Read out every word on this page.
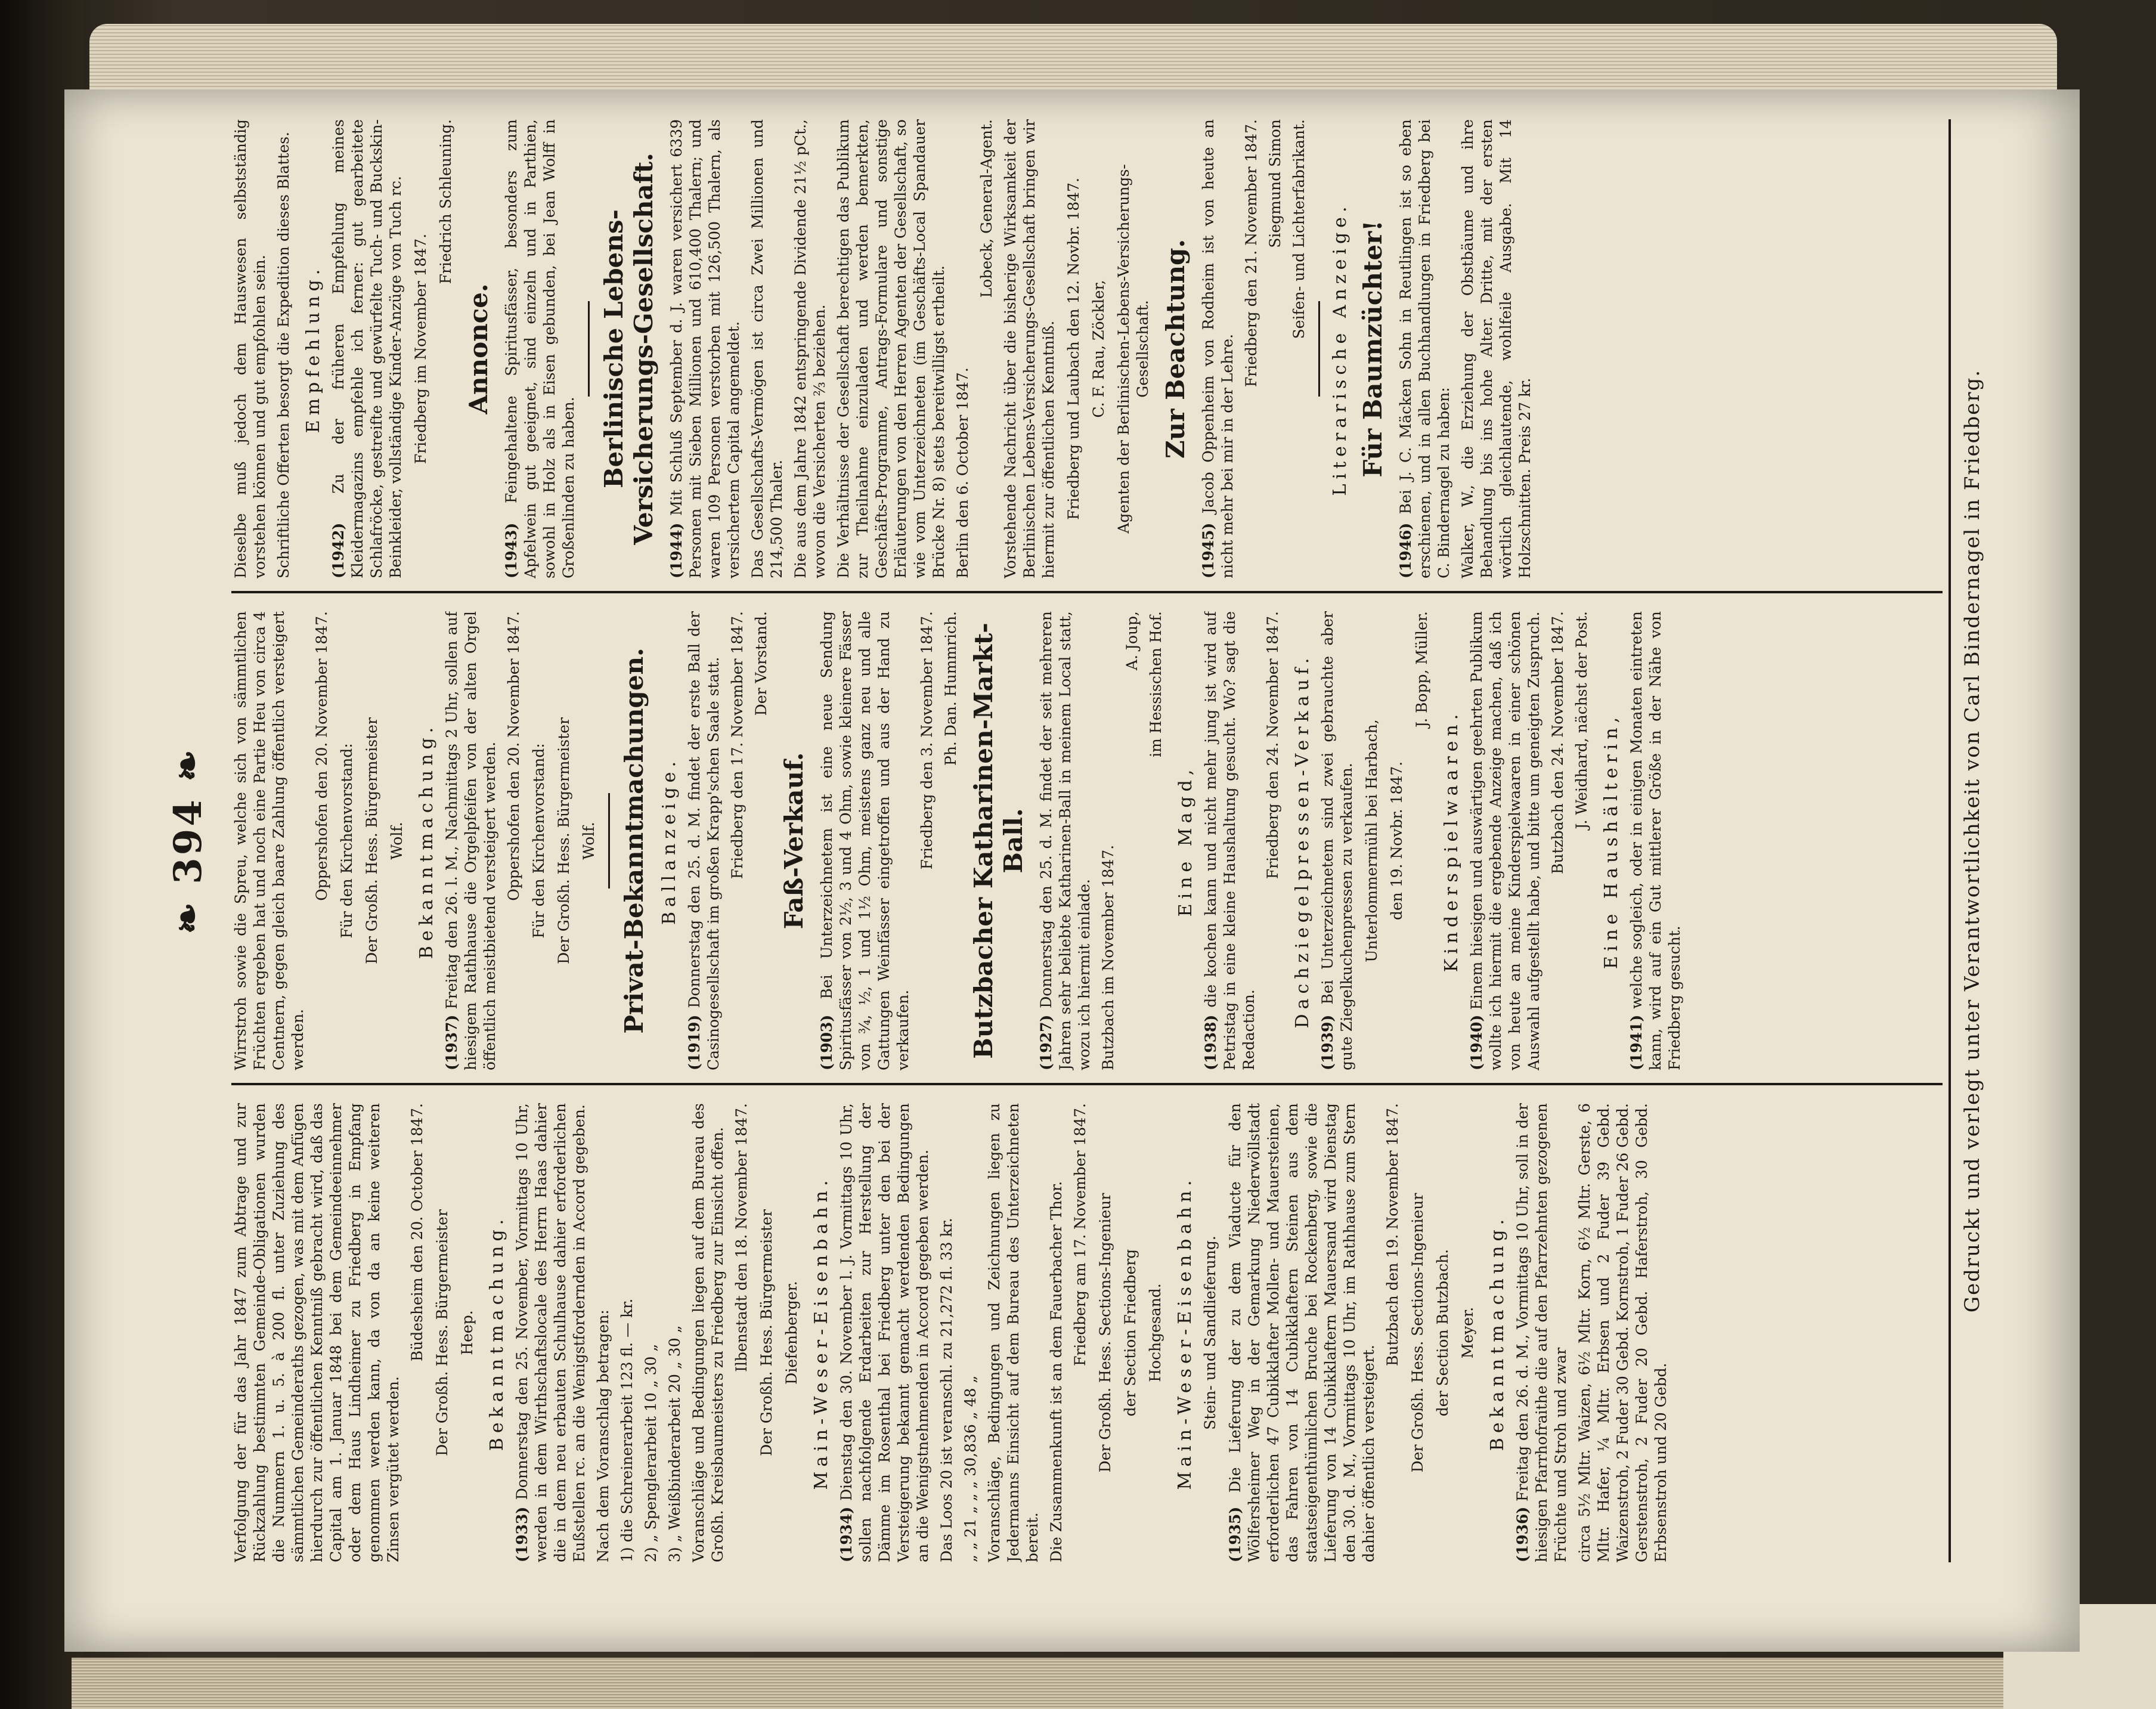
❧ 394 ❧

Verfolgung der für das Jahr 1847 zum Abtrage und zur Rückzahlung bestimmten Gemeinde-Obligationen wurden die Nummern 1. u. 5. à 200 fl. unter Zuziehung des sämmtlichen Gemeinderaths gezogen, was mit dem Anfügen hierdurch zur öffentlichen Kenntniß gebracht wird, daß das Capital am 1. Januar 1848 bei dem Gemeindeeinnehmer oder dem Haus Lindheimer zu Friedberg in Empfang genommen werden kann, da von da an keine weiteren Zinsen vergütet werden.

Büdesheim den 20. October 1847. Der Großh. Hess. Bürgermeister Heep. Bekanntmachung.

(1933) Donnerstag den 25. November, Vormittags 10 Uhr, werden in dem Wirthschaftslocale des Herrn Haas dahier die in dem neu erbauten Schulhause dahier erforderlichen Eußstellen rc. an die Wenigstfordernden in Accord gegeben. Nach dem Voranschlag betragen: 1) die Schreinerarbeit 123 fl. — kr. 2) „ Spenglerarbeit 10 „ 30 „ 3) „ Weißbinderarbeit 20 „ 30 „ Voranschläge und Bedingungen liegen auf dem Bureau des Großh. Kreisbaumeisters zu Friedberg zur Einsicht offen. Ilbenstadt den 18. November 1847. Der Großh. Hess. Bürgermeister Diefenberger. Main-Weser-Eisenbahn.

(1934) Dienstag den 30. November l. J. Vormittags 10 Uhr, sollen nachfolgende Erdarbeiten zur Herstellung der Dämme im Rosenthal bei Friedberg unter den bei der Versteigerung bekannt gemacht werdenden Bedingungen an die Wenigstnehmenden in Accord gegeben werden. Das Loos 20 ist veranschl. zu 21,272 fl. 33 kr. „ „ 21 „ „ „ 30,836 „ 48 „ Voranschläge, Bedingungen und Zeichnungen liegen zu Jedermanns Einsicht auf dem Bureau des Unterzeichneten bereit. Die Zusammenkunft ist an dem Fauerbacher Thor. Friedberg am 17. November 1847. Der Großh. Hess. Sections-Ingenieur der Section Friedberg Hochgesand. Main-Weser-Eisenbahn. Stein- und Sandlieferung.

(1935) Die Lieferung der zu dem Viaducte für den Wölfersheimer Weg in der Gemarkung Niederwöllstadt erforderlichen 47 Cubikklafter Mollen- und Mauersteinen, das Fahren von 14 Cubikklaftern Steinen aus dem staatseigenthümlichen Bruche bei Rockenberg, sowie die Lieferung von 14 Cubikklaftern Mauersand wird Dienstag den 30. d. M., Vormittags 10 Uhr, im Rathhause zum Stern dahier öffentlich versteigert.

Butzbach den 19. November 1847. Der Großh. Hess. Sections-Ingenieur der Section Butzbach. Meyer. Bekanntmachung.

(1936) Freitag den 26. d. M., Vormittags 10 Uhr, soll in der hiesigen Pfarrhofraithe die auf den Pfarrzehnten gezogenen Früchte und Stroh und zwar circa 5½ Mltr. Waizen, 6½ Mltr. Korn, 6½ Mltr. Gerste, 6 Mltr. Hafer, ¼ Mltr. Erbsen und 2 Fuder 39 Gebd. Waizenstroh, 2 Fuder 30 Gebd. Kornstroh, 1 Fuder 26 Gebd. Gerstenstroh, 2 Fuder 20 Gebd. Haferstroh, 30 Gebd. Erbsenstroh und 20 Gebd.

Wirrstroh sowie die Spreu, welche sich von sämmtlichen Früchten ergeben hat und noch eine Partie Heu von circa 4 Centnern, gegen gleich baare Zahlung öffentlich versteigert werden.

Oppershofen den 20. November 1847. Für den Kirchenvorstand: Der Großh. Hess. Bürgermeister Wolf. Bekanntmachung.

(1937) Freitag den 26. l. M., Nachmittags 2 Uhr, sollen auf hiesigem Rathhause die Orgelpfeifen von der alten Orgel öffentlich meistbietend versteigert werden. Oppershofen den 20. November 1847. Für den Kirchenvorstand: Der Großh. Hess. Bürgermeister Wolf. Privat-Bekanntmachungen. Ballanzeige.

(1919) Donnerstag den 25. d. M. findet der erste Ball der Casinogesellschaft im großen Krapp'schen Saale statt. Friedberg den 17. November 1847. Der Vorstand.

Faß-Verkauf.

(1903) Bei Unterzeichnetem ist eine neue Sendung Spiritusfässer von 2½, 3 und 4 Ohm, sowie kleinere Fässer von ¾, ½, 1 und 1½ Ohm, meistens ganz neu und alle Gattungen Weinfässer eingetroffen und aus der Hand zu verkaufen.

Friedberg den 3. November 1847. Ph. Dan. Hummrich. Butzbacher Katharinen-Markt-Ball.

(1927) Donnerstag den 25. d. M. findet der seit mehreren Jahren sehr beliebte Katharinen-Ball in meinem Local statt, wozu ich hiermit einlade. Butzbach im November 1847.

A. Joup, im Hessischen Hof.

Eine Magd,

(1938) die kochen kann und nicht mehr jung ist wird auf Petristag in eine kleine Haushaltung gesucht. Wo? sagt die Redaction.

Friedberg den 24. November 1847. Dachziegelpressen-Verkauf.

(1939) Bei Unterzeichnetem sind zwei gebrauchte aber gute Ziegelkuchenpressen zu verkaufen. Unterlommermühl bei Harbach, den 19. Novbr. 1847.

J. Bopp, Müller.

Kinderspielwaaren.

(1940) Einem hiesigen und auswärtigen geehrten Publikum wollte ich hiermit die ergebende Anzeige machen, daß ich von heute an meine Kinderspielwaaren in einer schönen Auswahl aufgestellt habe, und bitte um geneigten Zuspruch. Butzbach den 24. November 1847. J. Weidhard, nächst der Post. Eine Haushälterin,

(1941) welche sogleich, oder in einigen Monaten eintreten kann, wird auf ein Gut mittlerer Größe in der Nähe von Friedberg gesucht.

Dieselbe muß jedoch dem Hauswesen selbstständig vorstehen können und gut empfohlen sein. Schriftliche Offerten besorgt die Expedition dieses Blattes. Empfehlung.

(1942) Zu der früheren Empfehlung meines Kleidermagazins empfehle ich ferner: gut gearbeitete Schlafröcke, gestreifte und gewürfelte Tuch- und Buckskin-Beinkleider, vollständige Kinder-Anzüge von Tuch rc. Friedberg im November 1847.

Friedrich Schleuning.

Annonce.

(1943) Feingehaltene Spiritusfässer, besonders zum Apfelwein gut geeignet, sind einzeln und in Parthien, sowohl in Holz als in Eisen gebunden, bei Jean Wolff in Großenlinden zu haben. Berlinische Lebens-Versicherungs-Gesellschaft.

(1944) Mit Schluß September d. J. waren versichert 6339 Personen mit Sieben Millionen und 610,400 Thalern; und waren 109 Personen verstorben mit 126,500 Thalern, als versichertem Capital angemeldet. Das Gesellschafts-Vermögen ist circa Zwei Millionen und 214,500 Thaler. Die aus dem Jahre 1842 entspringende Dividende 21½ pCt., wovon die Versicherten ⅔ beziehen. Die Verhältnisse der Gesellschaft berechtigen das Publikum zur Theilnahme einzuladen und werden bemerkten, Geschäfts-Programme, Antrags-Formulare und sonstige Erläuterungen von den Herren Agenten der Gesellschaft, so wie vom Unterzeichneten (im Geschäfts-Local Spandauer Brücke Nr. 8) stets bereitwilligst ertheilt. Berlin den 6. October 1847.

Lobeck, General-Agent. Vorstehende Nachricht über die bisherige Wirksamkeit der Berlinischen Lebens-Versicherungs-Gesellschaft bringen wir hiermit zur öffentlichen Kenntniß. Friedberg und Laubach den 12. Novbr. 1847. C. F. Rau, Zöckler, Agenten der Berlinischen-Lebens-Versicherungs-Gesellschaft. Zur Beachtung.

(1945) Jacob Oppenheim von Rodheim ist von heute an nicht mehr bei mir in der Lehre.

Friedberg den 21. November 1847. Siegmund Simon Seifen- und Lichterfabrikant. Literarische Anzeige. Für Baumzüchter!

(1946) Bei J. C. Mäcken Sohn in Reutlingen ist so eben erschienen, und in allen Buchhandlungen in Friedberg bei C. Bindernagel zu haben: Walker, W., die Erziehung der Obstbäume und ihre Behandlung bis ins hohe Alter. Dritte, mit der ersten wörtlich gleichlautende, wohlfeile Ausgabe. Mit 14 Holzschnitten. Preis 27 kr.	Gedruckt und verlegt unter Verantwortlichkeit von Carl Bindernagel in Friedberg.
